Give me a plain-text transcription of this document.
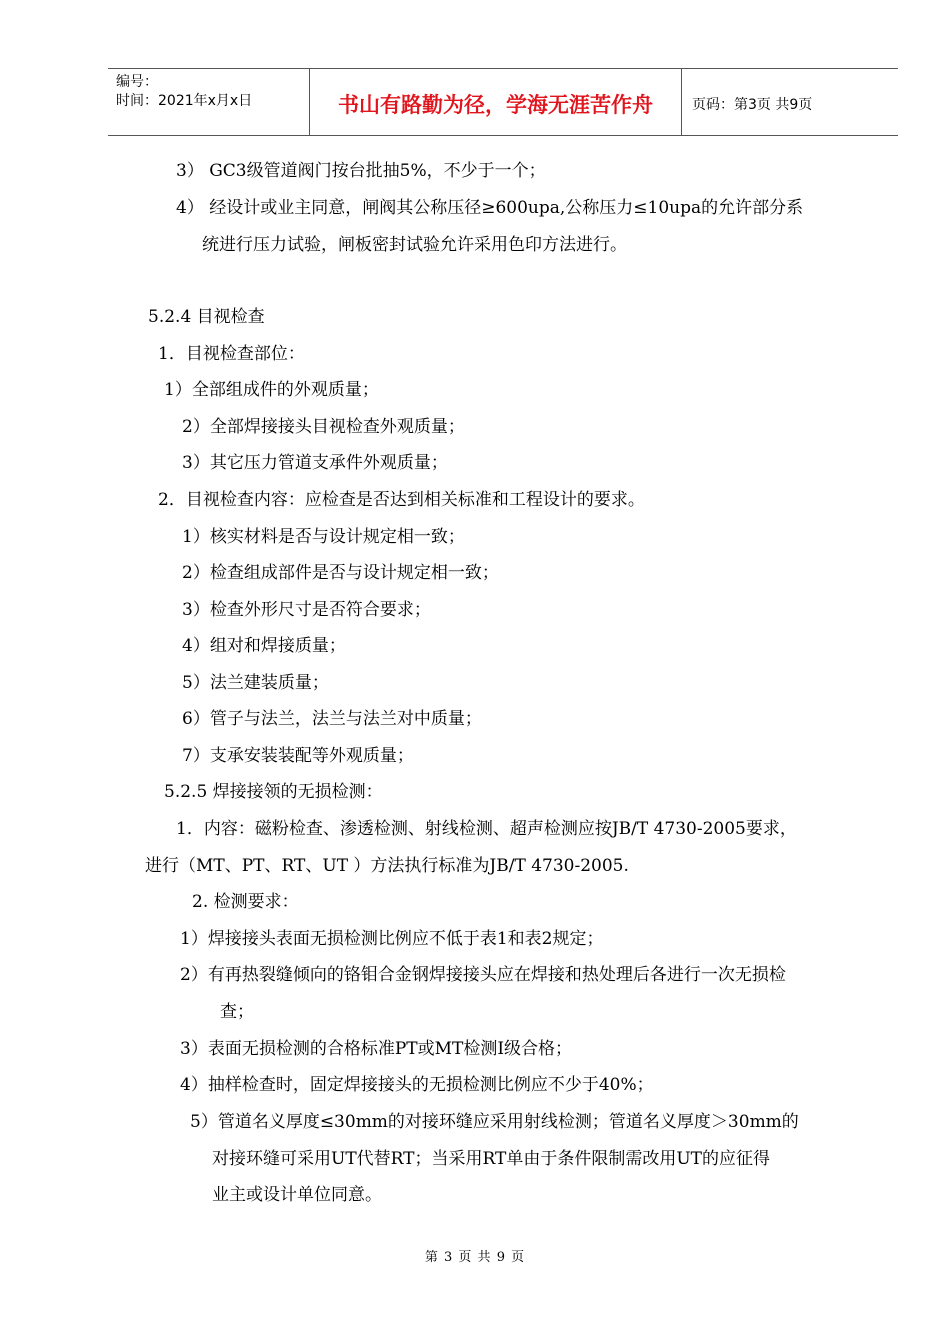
编号：
时间：2021年x月x日	书山有路勤为径，学海无涯苦作舟	页码：第3页 共9页
3） GC3级管道阀门按台批抽5%，不少于一个；
4） 经设计或业主同意，闸阀其公称压径≥600upa,公称压力≤10upa的允许部分系
统进行压力试验，闸板密封试验允许采用色印方法进行。
5.2.4 目视检查
1．目视检查部位：
1）全部组成件的外观质量；
2）全部焊接接头目视检查外观质量；
3）其它压力管道支承件外观质量；
2．目视检查内容：应检查是否达到相关标准和工程设计的要求。
1）核实材料是否与设计规定相一致；
2）检查组成部件是否与设计规定相一致；
3）检查外形尺寸是否符合要求；
4）组对和焊接质量；
5）法兰建装质量；
6）管子与法兰，法兰与法兰对中质量；
7）支承安装装配等外观质量；
5.2.5 焊接接领的无损检测：
1．内容：磁粉检查、渗透检测、射线检测、超声检测应按JB/T 4730-2005要求，
进行（MT、PT、RT、UT ）方法执行标准为JB/T 4730-2005.
2. 检测要求：
1）焊接接头表面无损检测比例应不低于表1和表2规定；
2）有再热裂缝倾向的铬钼合金钢焊接接头应在焊接和热处理后各进行一次无损检
查；
3）表面无损检测的合格标准PT或MT检测Ⅰ级合格；
4）抽样检查时，固定焊接接头的无损检测比例应不少于40%；
5）管道名义厚度≤30mm的对接环缝应采用射线检测；管道名义厚度＞30mm的
对接环缝可采用UT代替RT；当采用RT单由于条件限制需改用UT的应征得
业主或设计单位同意。
第 3 页 共 9 页
